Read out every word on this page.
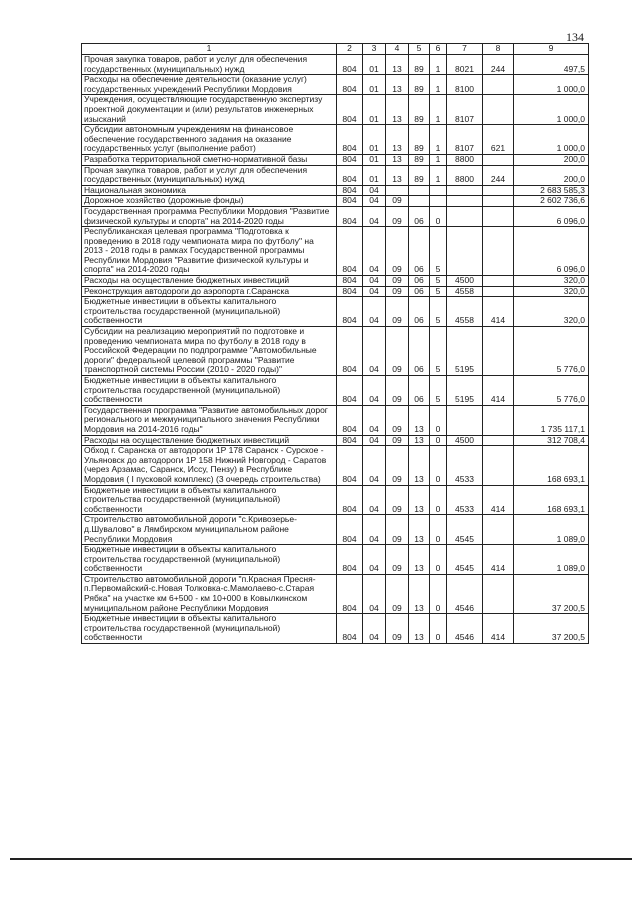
134
1	2	3	4	5	6	7	8	9
Прочая закупка товаров, работ и услуг для обеспечения государственных (муниципальных) нужд	804	01	13	89	1	8021	244	497,5
Расходы на обеспечение деятельности (оказание услуг) государственных учреждений Республики Мордовия	804	01	13	89	1	8100		1 000,0
Учреждения, осуществляющие государственную экспертизу проектной документации и (или) результатов инженерных изысканий	804	01	13	89	1	8107		1 000,0
Субсидии автономным учреждениям на финансовое обеспечение государственного задания на оказание государственных услуг (выполнение работ)	804	01	13	89	1	8107	621	1 000,0
Разработка территориальной сметно-нормативной базы	804	01	13	89	1	8800		200,0
Прочая закупка товаров, работ и услуг для обеспечения государственных (муниципальных) нужд	804	01	13	89	1	8800	244	200,0
Национальная экономика	804	04						2 683 585,3
Дорожное хозяйство (дорожные фонды)	804	04	09					2 602 736,6
Государственная программа Республики Мордовия "Развитие физической культуры и спорта" на 2014-2020 годы	804	04	09	06	0			6 096,0
Республиканская целевая программа "Подготовка к проведению в 2018 году чемпионата мира по футболу" на 2013 - 2018 годы в рамках Государственной программы Республики Мордовия "Развитие физической культуры и спорта" на 2014-2020 годы	804	04	09	06	5			6 096,0
Расходы на осуществление бюджетных инвестиций	804	04	09	06	5	4500		320,0
Реконструкция автодороги до аэропорта г.Саранска	804	04	09	06	5	4558		320,0
Бюджетные инвестиции в объекты капитального строительства государственной (муниципальной) собственности	804	04	09	06	5	4558	414	320,0
Субсидии на реализацию мероприятий по подготовке и проведению чемпионата мира по футболу в 2018 году в Российской Федерации по подпрограмме "Автомобильные дороги" федеральной целевой программы "Развитие транспортной системы России (2010 - 2020 годы)"	804	04	09	06	5	5195		5 776,0
Бюджетные инвестиции в объекты капитального строительства государственной (муниципальной) собственности	804	04	09	06	5	5195	414	5 776,0
Государственная программа "Развитие автомобильных дорог регионального и межмуниципального значения Республики Мордовия на 2014-2016 годы"	804	04	09	13	0			1 735 117,1
Расходы на осуществление бюджетных инвестиций	804	04	09	13	0	4500		312 708,4
Обход г. Саранска от автодороги 1Р 178 Саранск - Сурское - Ульяновск до автодороги 1Р 158 Нижний Новгород - Саратов (через Арзамас, Саранск, Иссу, Пензу) в Республике Мордовия ( I пусковой комплекс) (3 очередь строительства)	804	04	09	13	0	4533		168 693,1
Бюджетные инвестиции в объекты капитального строительства государственной (муниципальной) собственности	804	04	09	13	0	4533	414	168 693,1
Строительство автомобильной дороги "с.Кривозерье-д.Шувалово" в Лямбирском муниципальном районе Республики Мордовия	804	04	09	13	0	4545		1 089,0
Бюджетные инвестиции в объекты капитального строительства государственной (муниципальной) собственности	804	04	09	13	0	4545	414	1 089,0
Строительство автомобильной дороги "п.Красная Пресня-п.Первомайский-с.Новая Толковка-с.Мамолаево-с.Старая Рябка" на участке км 6+500 - км 10+000 в Ковылкинском муниципальном районе Республики Мордовия	804	04	09	13	0	4546		37 200,5
Бюджетные инвестиции в объекты капитального строительства государственной (муниципальной) собственности	804	04	09	13	0	4546	414	37 200,5
